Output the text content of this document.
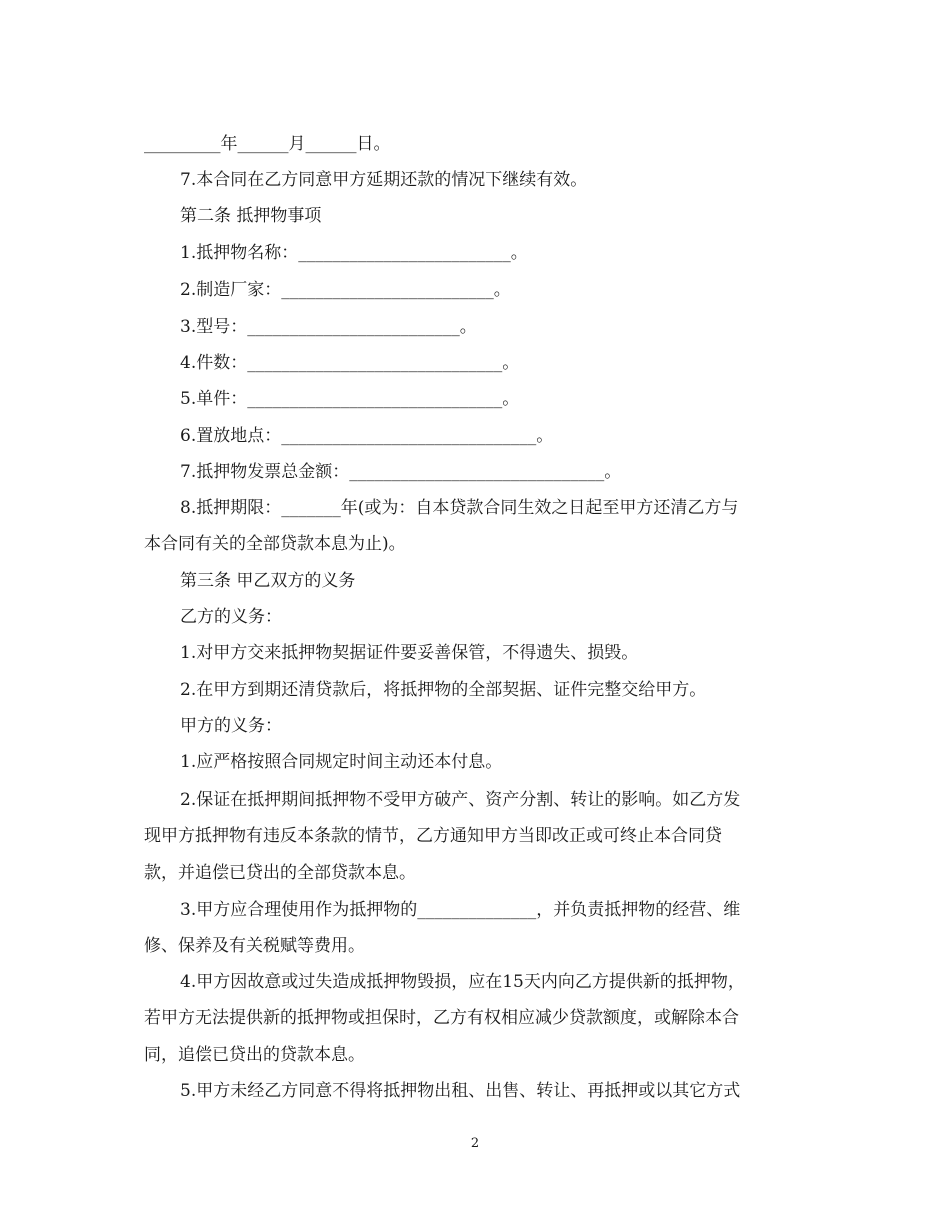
_________年______月______日。
7.本合同在乙方同意甲方延期还款的情况下继续有效。
第二条 抵押物事项
1.抵押物名称：_________________________。
2.制造厂家：_________________________。
3.型号：_________________________。
4.件数：______________________________。
5.单件：______________________________。
6.置放地点：______________________________。
7.抵押物发票总金额：______________________________。
8.抵押期限：_______年(或为：自本贷款合同生效之日起至甲方还清乙方与
本合同有关的全部贷款本息为止)。
第三条 甲乙双方的义务
乙方的义务：
1.对甲方交来抵押物契据证件要妥善保管，不得遗失、损毁。
2.在甲方到期还清贷款后，将抵押物的全部契据、证件完整交给甲方。
甲方的义务：
1.应严格按照合同规定时间主动还本付息。
2.保证在抵押期间抵押物不受甲方破产、资产分割、转让的影响。如乙方发
现甲方抵押物有违反本条款的情节，乙方通知甲方当即改正或可终止本合同贷
款，并追偿已贷出的全部贷款本息。
3.甲方应合理使用作为抵押物的______________，并负责抵押物的经营、维
修、保养及有关税赋等费用。
4.甲方因故意或过失造成抵押物毁损，应在15天内向乙方提供新的抵押物，
若甲方无法提供新的抵押物或担保时，乙方有权相应减少贷款额度，或解除本合
同，追偿已贷出的贷款本息。
5.甲方未经乙方同意不得将抵押物出租、出售、转让、再抵押或以其它方式
2
